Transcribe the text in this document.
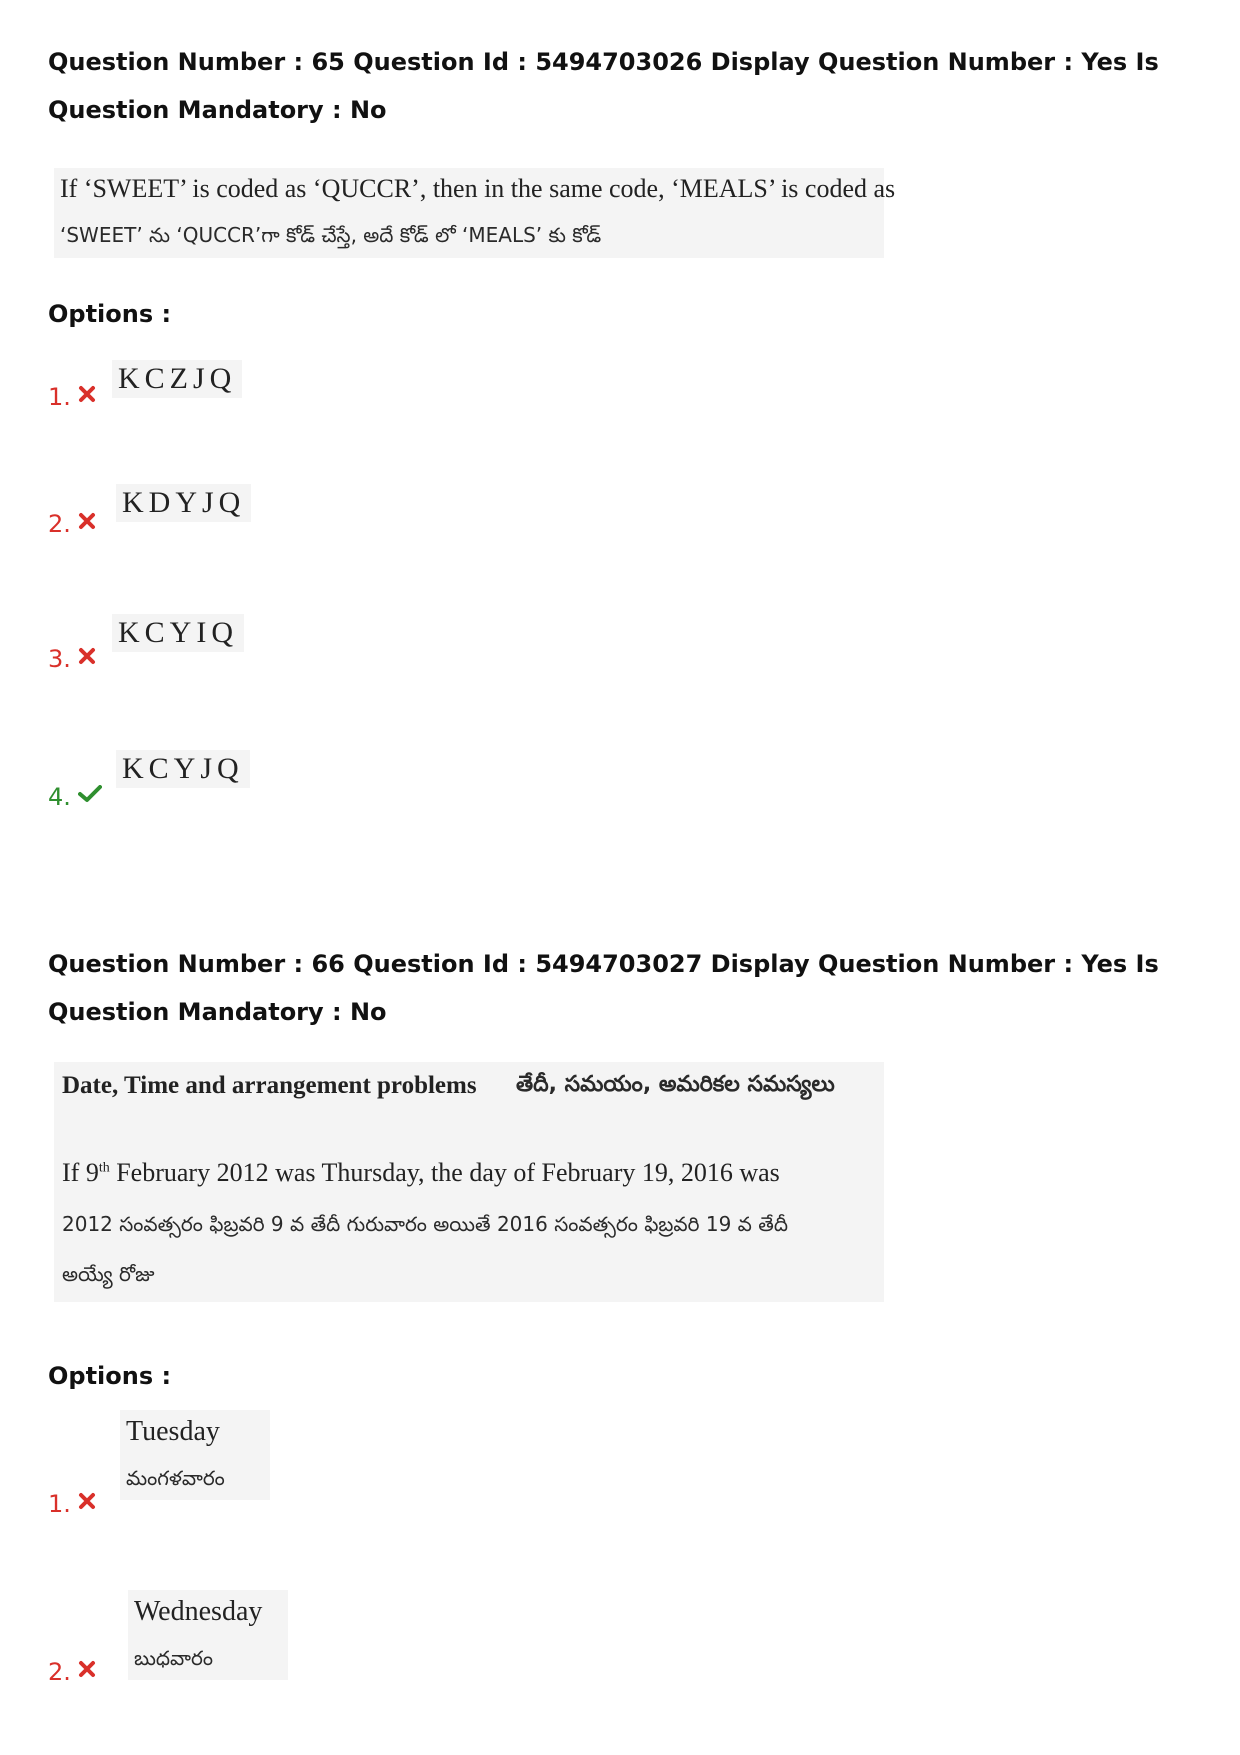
Question Number : 65 Question Id : 5494703026 Display Question Number : Yes Is Question Mandatory : No
If ‘SWEET’ is coded as ‘QUCCR’, then in the same code, ‘MEALS’ is coded as
‘SWEET’ ను ‘QUCCR’గా కోడ్ చేస్తే, అదే కోడ్ లో ‘MEALS’ కు కోడ్
Options :
1.
KCZJQ
2.
KDYJQ
3.
KCYIQ
4.
KCYJQ
Question Number : 66 Question Id : 5494703027 Display Question Number : Yes Is Question Mandatory : No
Date, Time and arrangement problems తేదీ, సమయం, అమరికల సమస్యలు
If 9th February 2012 was Thursday, the day of February 19, 2016 was
2012 సంవత్సరం ఫిబ్రవరి 9 వ తేదీ గురువారం అయితే 2016 సంవత్సరం ఫిబ్రవరి 19 వ తేదీ
అయ్యే రోజు
Options :
1.
Tuesday
మంగళవారం
2.
Wednesday
బుధవారం
